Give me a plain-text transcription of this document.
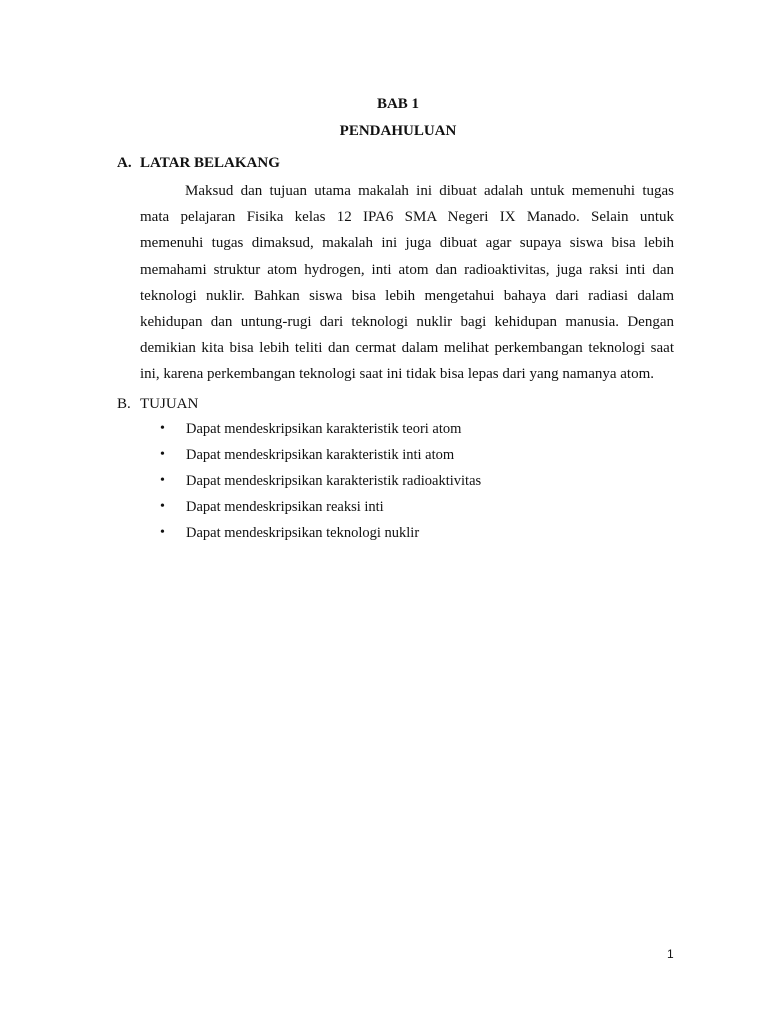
BAB 1
PENDAHULUAN
A. LATAR BELAKANG
Maksud dan tujuan utama makalah ini dibuat adalah untuk memenuhi tugas
mata pelajaran Fisika kelas 12 IPA6 SMA Negeri IX Manado. Selain untuk
memenuhi tugas dimaksud, makalah ini juga dibuat agar supaya siswa bisa lebih
memahami struktur atom hydrogen, inti atom dan radioaktivitas, juga raksi inti dan
teknologi nuklir. Bahkan siswa bisa lebih mengetahui bahaya dari radiasi dalam
kehidupan dan untung-rugi dari teknologi nuklir bagi kehidupan manusia. Dengan
demikian kita bisa lebih teliti dan cermat dalam melihat perkembangan teknologi saat
ini, karena perkembangan teknologi saat ini tidak bisa lepas dari yang namanya atom.
B. TUJUAN
•	Dapat mendeskripsikan karakteristik teori atom
•	Dapat mendeskripsikan karakteristik inti atom
•	Dapat mendeskripsikan karakteristik radioaktivitas
•	Dapat mendeskripsikan reaksi inti
•	Dapat mendeskripsikan teknologi nuklir
1
